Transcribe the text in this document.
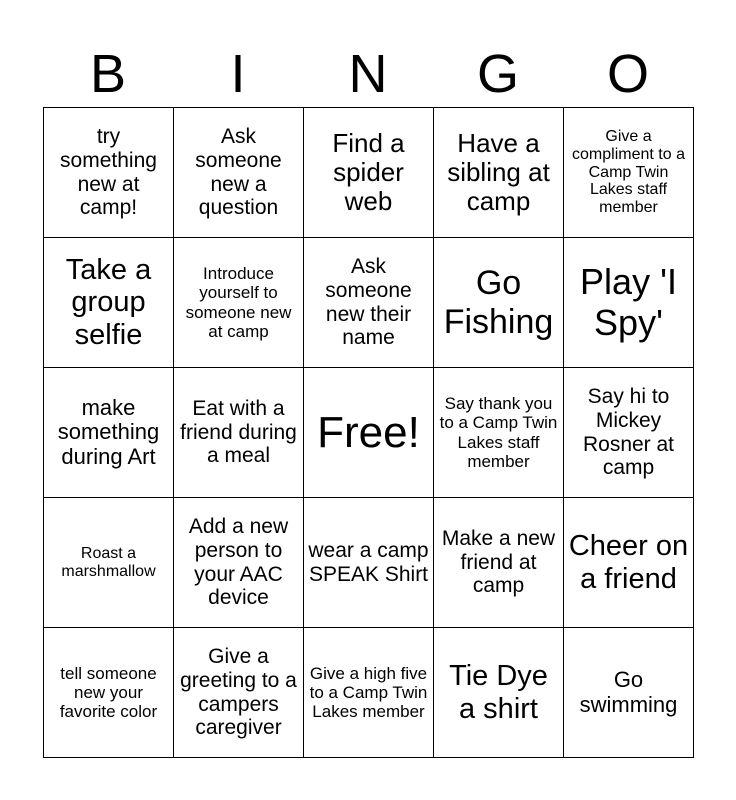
B	I	N	G	O
try something new at camp!	Ask someone new a question	Find a spider web	Have a sibling at camp	Give a compliment to a Camp Twin Lakes staff member
Take a group selfie	Introduce yourself to someone new at camp	Ask someone new their name	Go Fishing	Play 'I Spy'
make something during Art	Eat with a friend during a meal	Free!	Say thank you to a Camp Twin Lakes staff member	Say hi to Mickey Rosner at camp
Roast a marshmallow	Add a new person to your AAC device	wear a camp SPEAK Shirt	Make a new friend at camp	Cheer on a friend
tell someone new your favorite color	Give a greeting to a campers caregiver	Give a high five to a Camp Twin Lakes member	Tie Dye a shirt	Go swimming
